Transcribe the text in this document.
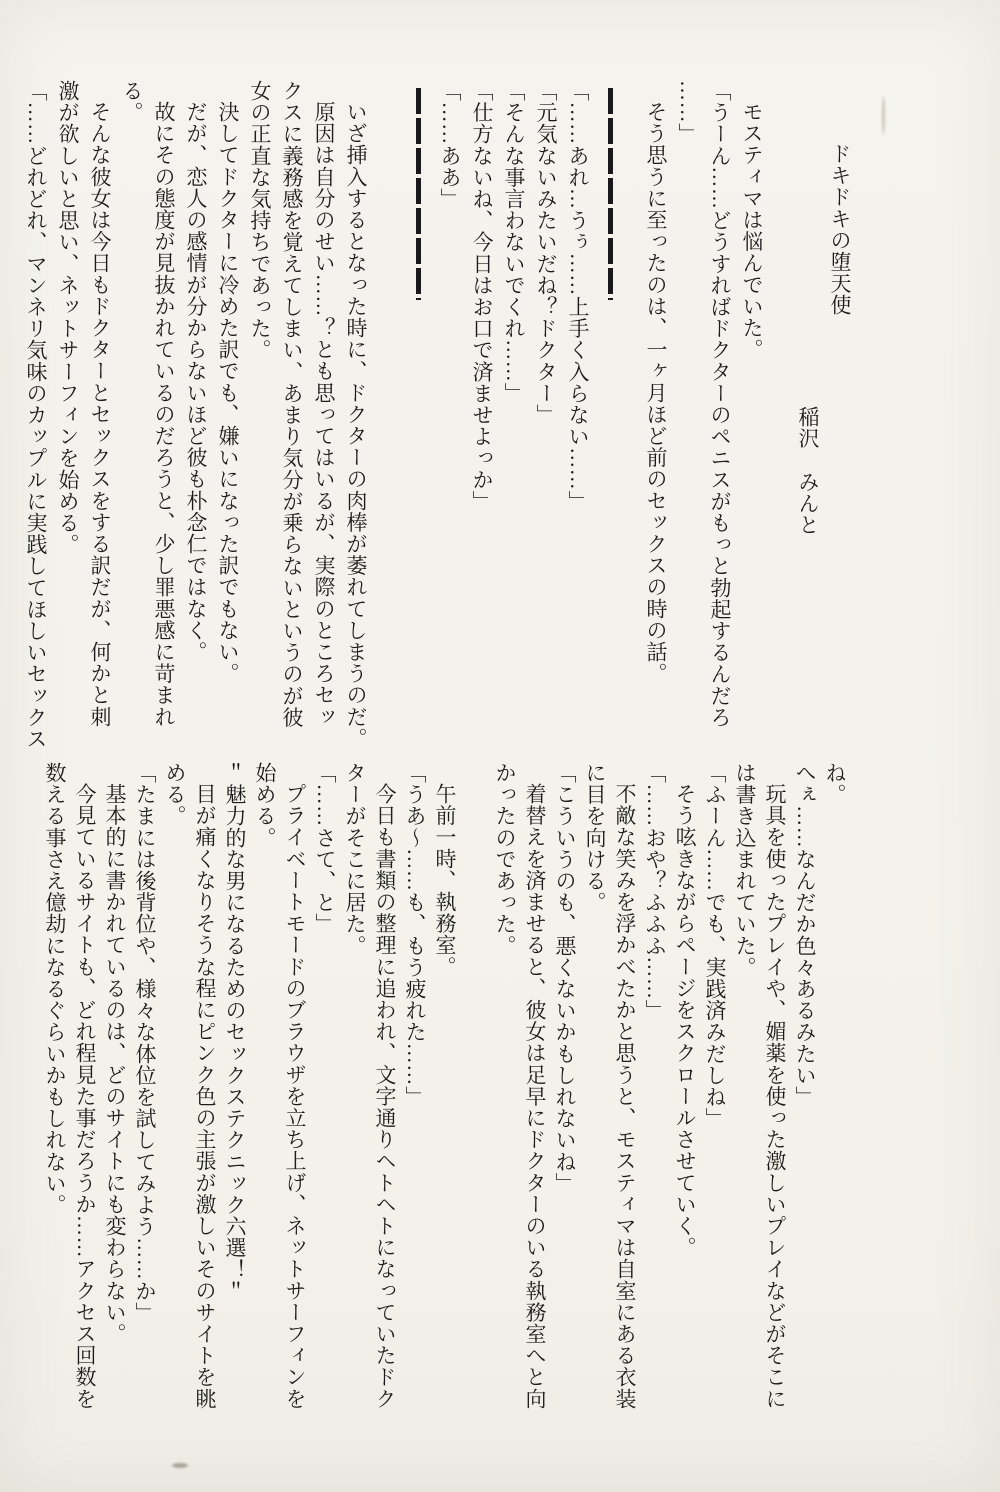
ドキドキの堕天使
稲沢　みんと
モスティマは悩んでいた。
「うーん……どうすればドクターのペニスがもっと勃起するんだろ
……」
そう思うに至ったのは、一ヶ月ほど前のセックスの時の話。
「……あれ…うぅ……上手く入らない……」
「元気ないみたいだね？ドクター」
「そんな事言わないでくれ……」
「仕方ないね、今日はお口で済ませよっか」
「……ああ」
いざ挿入するとなった時に、ドクターの肉棒が萎れてしまうのだ。
原因は自分のせい……？とも思ってはいるが、実際のところセッ
クスに義務感を覚えてしまい、あまり気分が乗らないというのが彼
女の正直な気持ちであった。
決してドクターに冷めた訳でも、嫌いになった訳でもない。
だが、恋人の感情が分からないほど彼も朴念仁ではなく。
故にその態度が見抜かれているのだろうと、少し罪悪感に苛まれ
る。
そんな彼女は今日もドクターとセックスをする訳だが、何かと刺
激が欲しいと思い、ネットサーフィンを始める。
「……どれどれ、マンネリ気味のカップルに実践してほしいセックス
ね。
へぇ……なんだか色々あるみたい」
玩具を使ったプレイや、媚薬を使った激しいプレイなどがそこに
は書き込まれていた。
「ふーん……でも、実践済みだしね」
そう呟きながらページをスクロールさせていく。
「……おや？ふふふ……」
不敵な笑みを浮かべたかと思うと、モスティマは自室にある衣装
に目を向ける。
「こういうのも、悪くないかもしれないね」
着替えを済ませると、彼女は足早にドクターのいる執務室へと向
かったのであった。
午前一時、執務室。
「うあ〜……も、もう疲れた……」
今日も書類の整理に追われ、文字通りヘトヘトになっていたドク
ターがそこに居た。
「……さて、と」
プライベートモードのブラウザを立ち上げ、ネットサーフィンを
始める。
＂魅力的な男になるためのセックステクニック六選！＂
目が痛くなりそうな程にピンク色の主張が激しいそのサイトを眺
める。
「たまには後背位や、様々な体位を試してみよう……か」
基本的に書かれているのは、どのサイトにも変わらない。
今見ているサイトも、どれ程見た事だろうか……アクセス回数を
数える事さえ億劫になるぐらいかもしれない。
